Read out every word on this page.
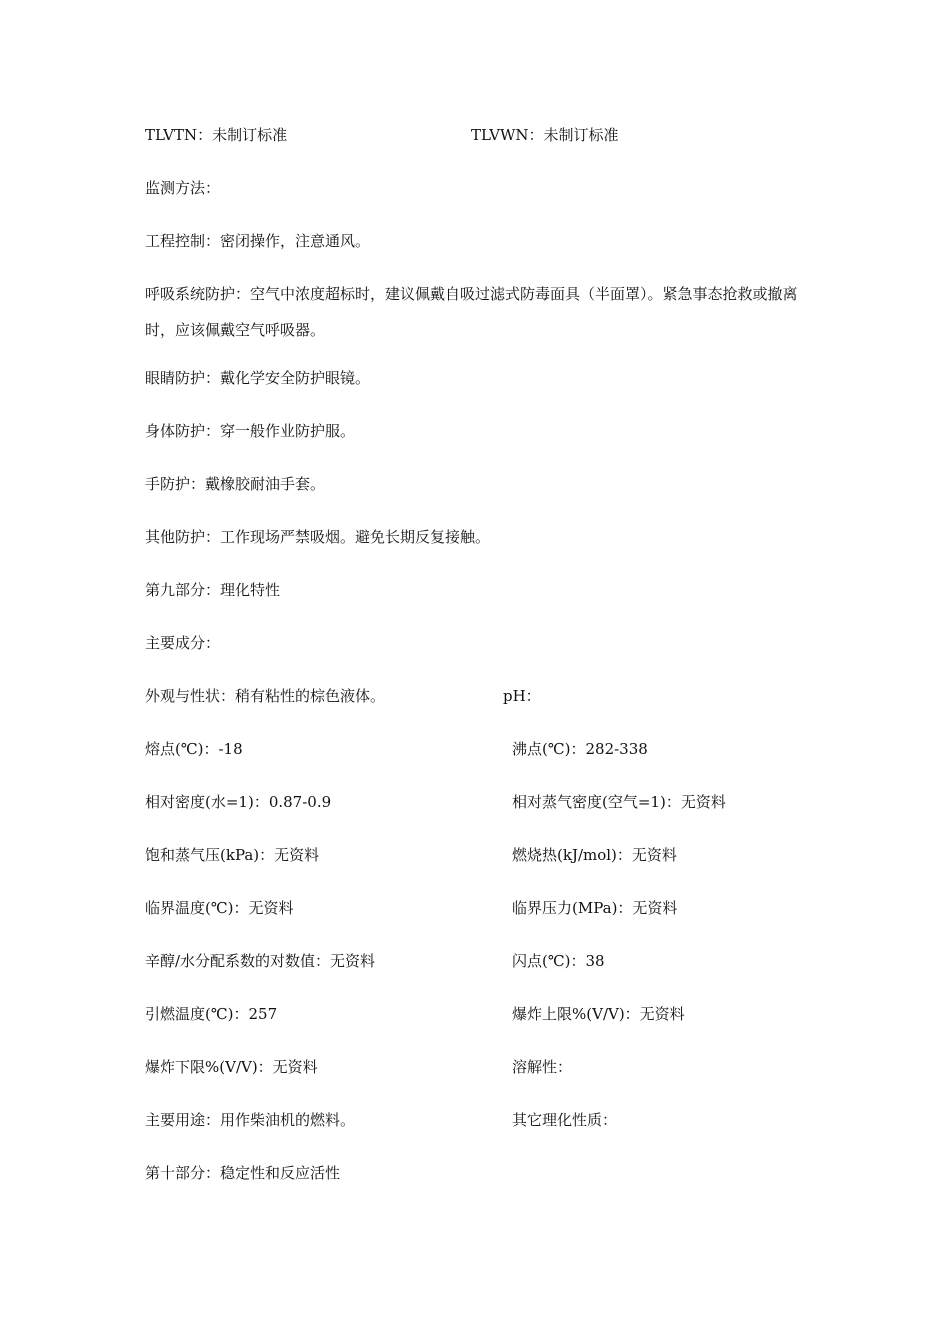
TLVTN：未制订标准	TLVWN：未制订标准
监测方法：
工程控制：密闭操作，注意通风。
呼吸系统防护：空气中浓度超标时，建议佩戴自吸过滤式防毒面具（半面罩）。紧急事态抢救或撤离时，应该佩戴空气呼吸器。
眼睛防护：戴化学安全防护眼镜。
身体防护：穿一般作业防护服。
手防护：戴橡胶耐油手套。
其他防护：工作现场严禁吸烟。避免长期反复接触。
第九部分：理化特性
主要成分：
外观与性状：稍有粘性的棕色液体。	pH：
熔点(℃)：-18	沸点(℃)：282-338
相对密度(水=1)：0.87-0.9	相对蒸气密度(空气=1)：无资料
饱和蒸气压(kPa)：无资料	燃烧热(kJ/mol)：无资料
临界温度(℃)：无资料	临界压力(MPa)：无资料
辛醇/水分配系数的对数值：无资料	闪点(℃)：38
引燃温度(℃)：257	爆炸上限%(V/V)：无资料
爆炸下限%(V/V)：无资料	溶解性：
主要用途：用作柴油机的燃料。	其它理化性质：
第十部分：稳定性和反应活性
